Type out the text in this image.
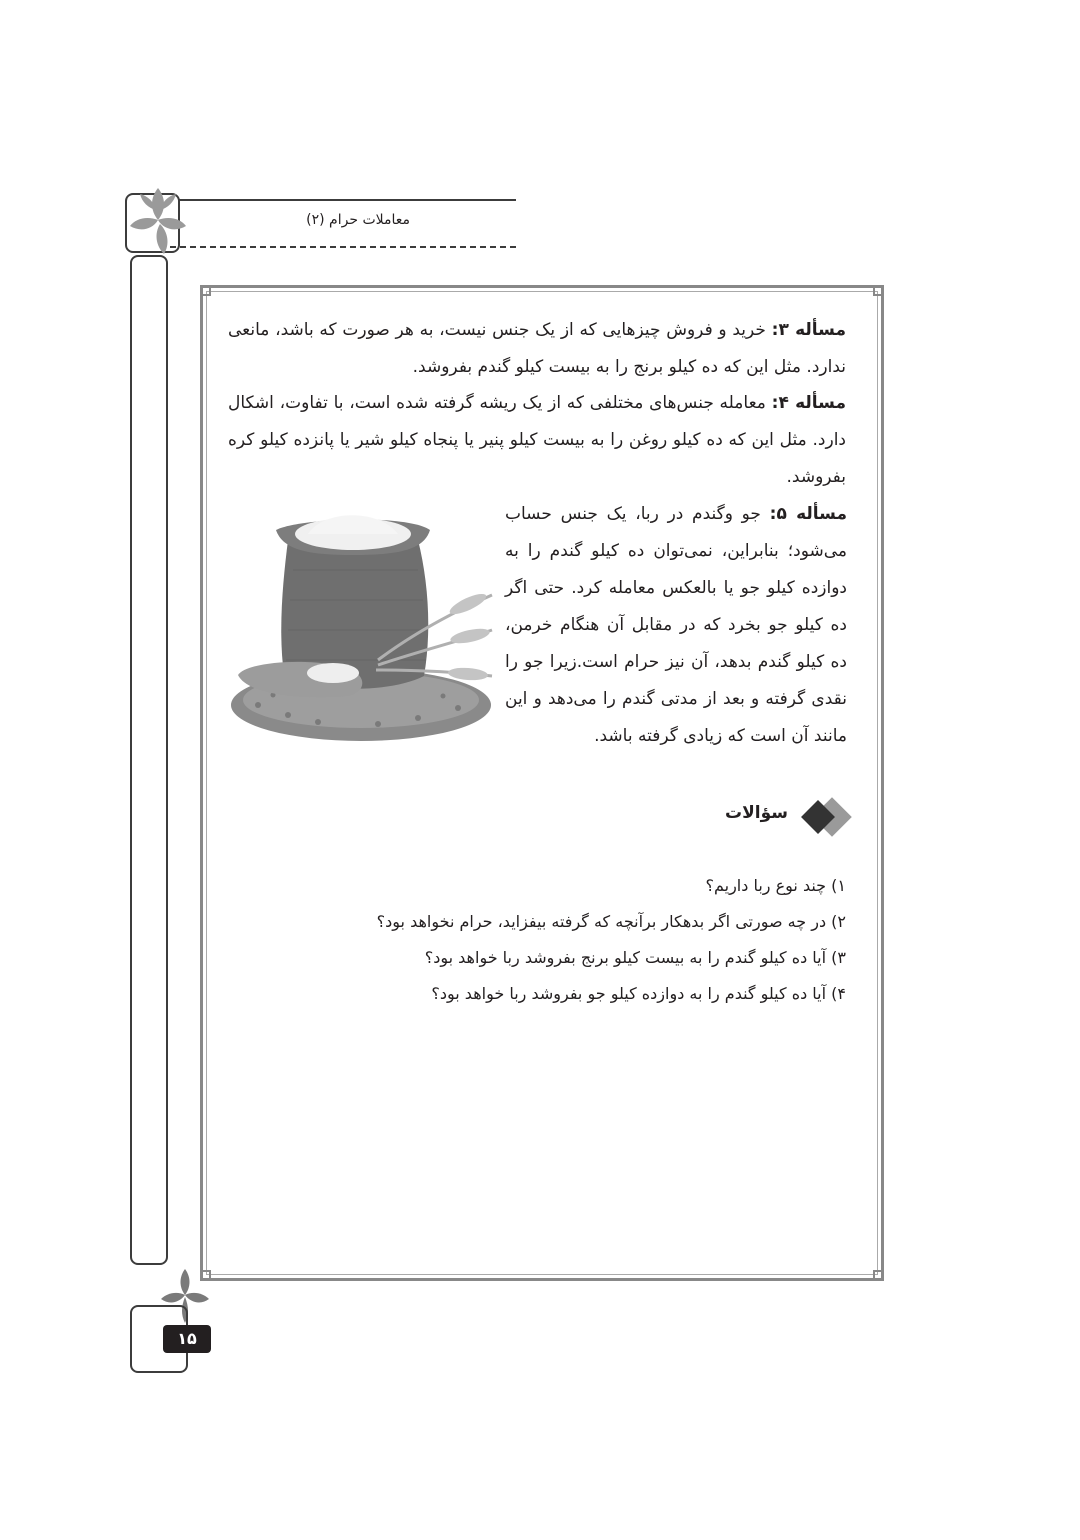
معاملات حرام (۲)
مسأله ۳: خرید و فروش چیزهایی که از یک جنس نیست، به هر صورت که باشد، مانعی ندارد. مثل این که ده کیلو برنج را به بیست کیلو گندم بفروشد.
مسأله ۴: معامله جنس‌های مختلفی که از یک ریشه گرفته شده است، با تفاوت، اشکال دارد. مثل این که ده کیلو روغن را به بیست کیلو پنیر یا پنجاه کیلو شیر یا پانزده کیلو کره بفروشد.
مسأله ۵: جو وگندم در ربا، یک جنس حساب می‌شود؛ بنابراین، نمی‌توان ده کیلو گندم را به دوازده کیلو جو یا بالعکس معامله کرد. حتی اگر ده کیلو جو بخرد که در مقابل آن هنگام خرمن، ده کیلو گندم بدهد، آن نیز حرام است.زیرا جو را نقدی گرفته و بعد از مدتی گندم را می‌دهد و این مانند آن است که زیادی گرفته باشد.
سؤالات
۱) چند نوع ربا داریم؟
۲) در چه صورتی اگر بدهکار برآنچه که گرفته بیفزاید، حرام نخواهد بود؟
۳) آیا ده کیلو گندم را به بیست کیلو برنج بفروشد ربا خواهد بود؟
۴) آیا ده کیلو گندم را به دوازده کیلو جو بفروشد ربا خواهد بود؟
۱۵
